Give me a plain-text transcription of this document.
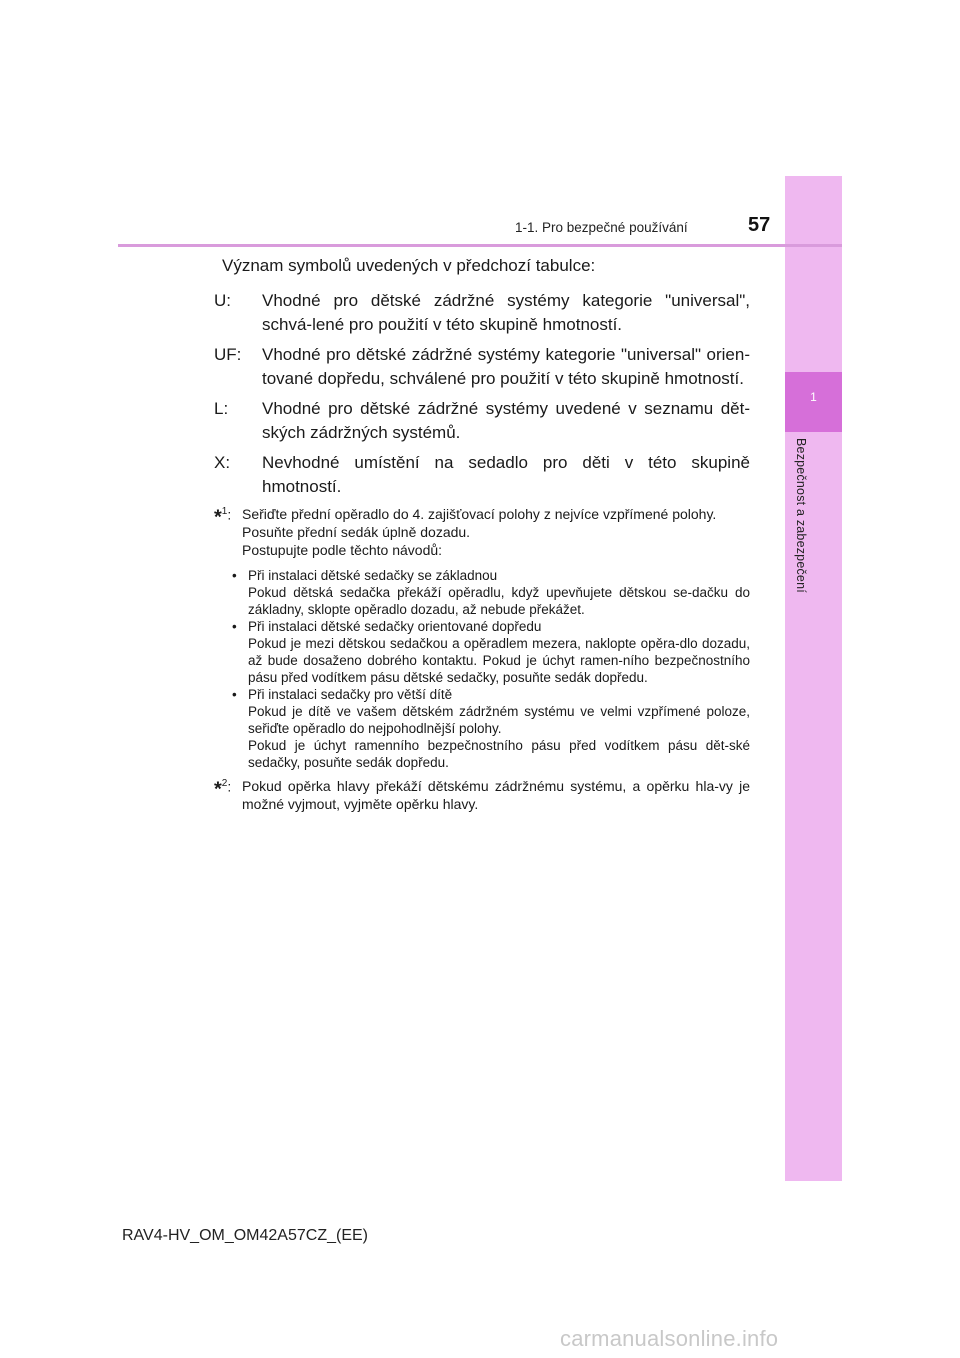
1
Bezpečnost a zabezpečení
1-1. Pro bezpečné používání	57

Význam symbolů uvedených v předchozí tabulce:

U:	Vhodné pro dětské zádržné systémy kategorie "universal", schvá-lené pro použití v této skupině hmotností.
UF:	Vhodné pro dětské zádržné systémy kategorie "universal" orien-tované dopředu, schválené pro použití v této skupině hmotností.
L:	Vhodné pro dětské zádržné systémy uvedené v seznamu dět-ských zádržných systémů.
X:	Nevhodné umístění na sedadlo pro děti v této skupině hmotností.
*$^1$: Seřiďte přední opěradlo do 4. zajišťovací polohy z nejvíce vzpřímené polohy.
Posuňte přední sedák úplně dozadu.
Postupujte podle těchto návodů:
• Při instalaci dětské sedačky se základnou
Pokud dětská sedačka překáží opěradlu, když upevňujete dětskou se-dačku do základny, sklopte opěradlo dozadu, až nebude překážet.
• Při instalaci dětské sedačky orientované dopředu
Pokud je mezi dětskou sedačkou a opěradlem mezera, naklopte opěra-dlo dozadu, až bude dosaženo dobrého kontaktu. Pokud je úchyt ramen-ního bezpečnostního pásu před vodítkem pásu dětské sedačky, posuňte sedák dopředu.
• Při instalaci sedačky pro větší dítě
Pokud je dítě ve vašem dětském zádržném systému ve velmi vzpřímené poloze, seřiďte opěradlo do nejpohodlnější polohy.
Pokud je úchyt ramenního bezpečnostního pásu před vodítkem pásu dět-ské sedačky, posuňte sedák dopředu.
*$^2$: Pokud opěrka hlavy překáží dětskému zádržnému systému, a opěrku hla-vy je možné vyjmout, vyjměte opěrku hlavy.
RAV4-HV_OM_OM42A57CZ_(EE)
carmanualsonline.info
